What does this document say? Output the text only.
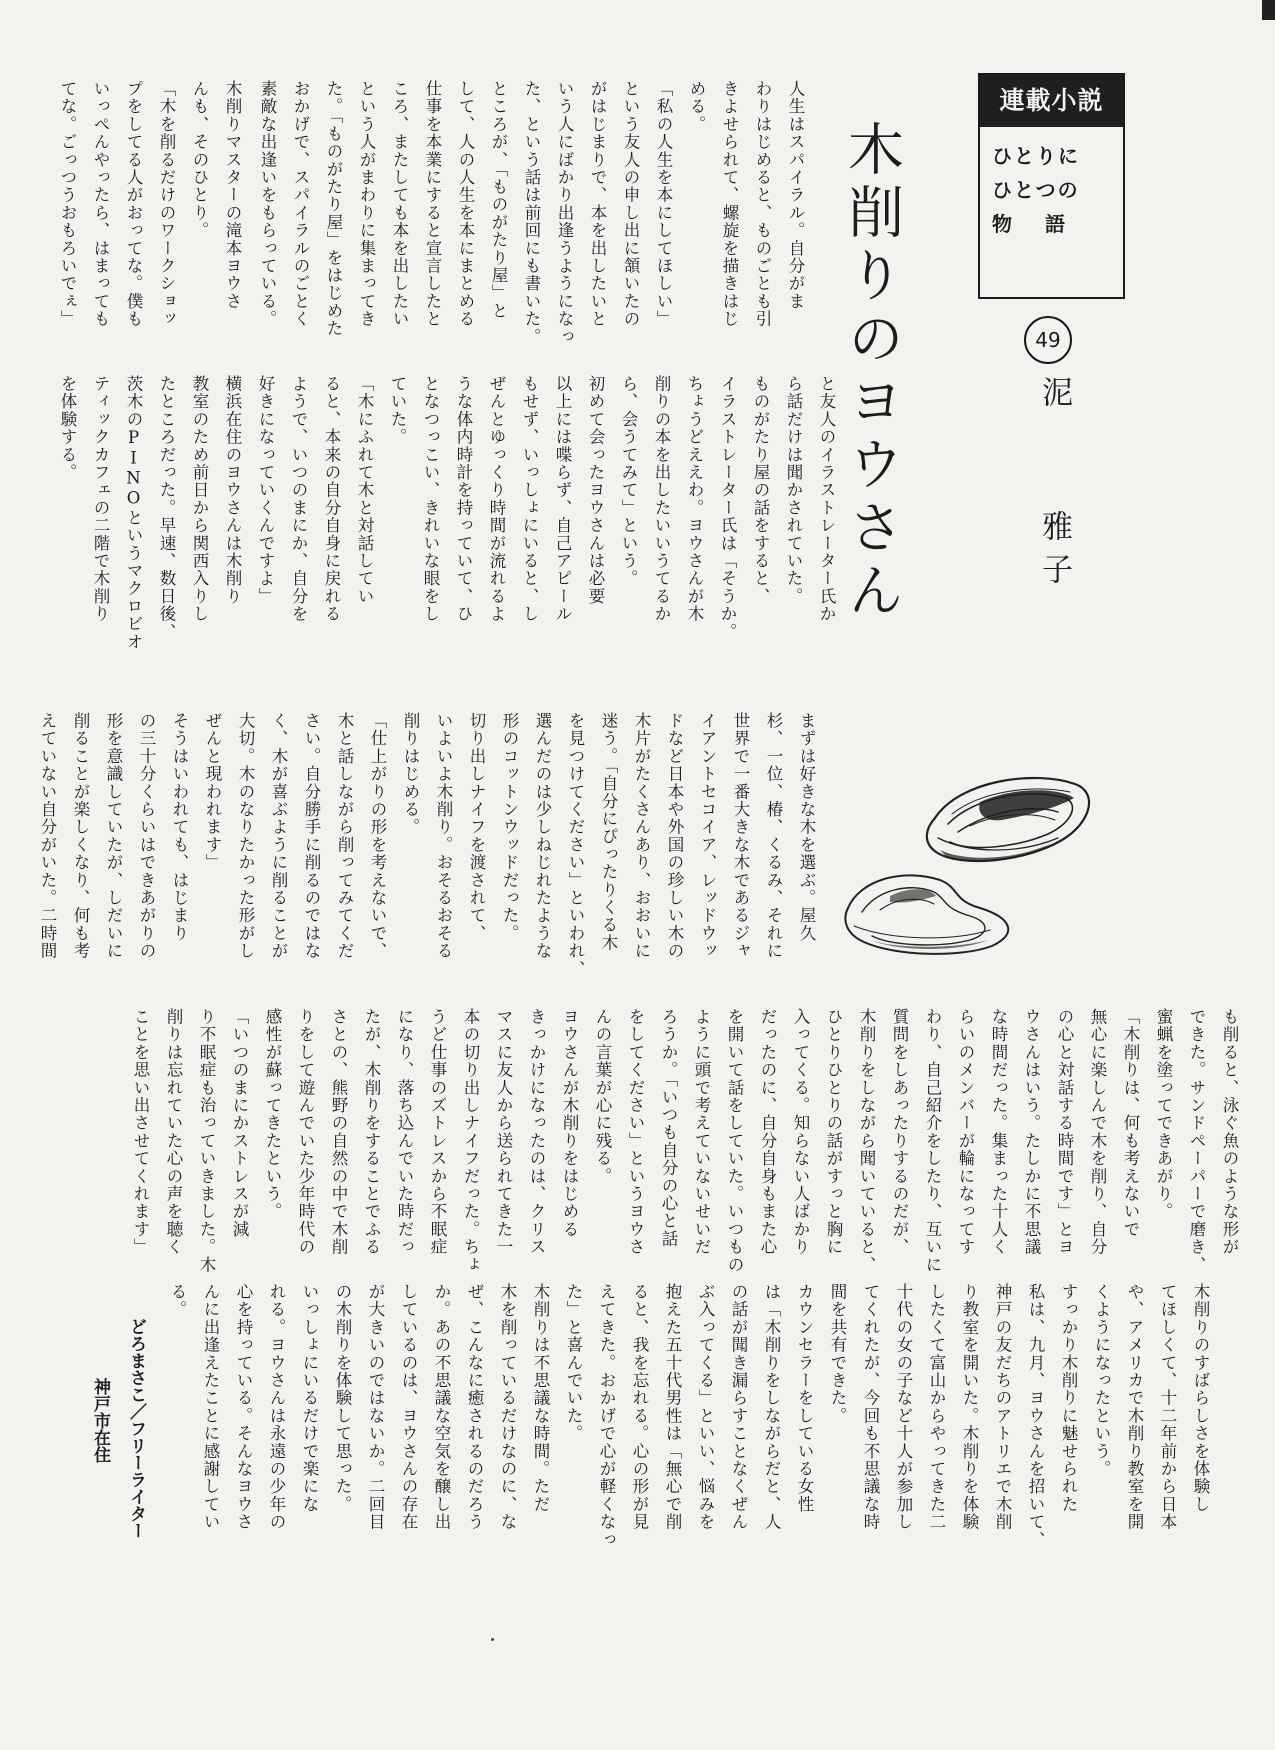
連載小説
ひとりに
ひとつの
物　 語
木削りのヨウさん	49
泥　 雅子
人生はスパイラル。自分がま
わりはじめると、ものごとも引
きよせられて、螺旋を描きはじ
める。
「私の人生を本にしてほしい」
という友人の申し出に頷いたの
がはじまりで、本を出したいと
いう人にばかり出逢うようになっ
た、という話は前回にも書いた。
ところが、「ものがたり屋」と
して、人の人生を本にまとめる
仕事を本業にすると宣言したと
ころ、またしても本を出したい
という人がまわりに集まってき
た。「ものがたり屋」をはじめた
おかげで、スパイラルのごとく
素敵な出逢いをもらっている。
木削りマスターの滝本ヨウさ
んも、そのひとり。
「木を削るだけのワークショッ
プをしてる人がおってな。僕も
いっぺんやったら、はまっても
てな。ごっつうおもろいでぇ」
と友人のイラストレーター氏か
ら話だけは聞かされていた。
ものがたり屋の話をすると、
イラストレーター氏は「そうか。
ちょうどええわ。ヨウさんが木
削りの本を出したいいうてるか
ら、会うてみて」という。
初めて会ったヨウさんは必要
以上には喋らず、自己アピール
もせず、いっしょにいると、し
ぜんとゆっくり時間が流れるよ
うな体内時計を持っていて、ひ
となつっこい、きれいな眼をし
ていた。
「木にふれて木と対話してい
ると、本来の自分自身に戻れる
ようで、いつのまにか、自分を
好きになっていくんですよ」
横浜在住のヨウさんは木削り
教室のため前日から関西入りし
たところだった。早速、数日後、
茨木のPINOというマクロビオ
ティックカフェの二階で木削り
を体験する。
まずは好きな木を選ぶ。屋久
杉、一位、椿、くるみ、それに
世界で一番大きな木であるジャ
イアントセコイア、レッドウッ
ドなど日本や外国の珍しい木の
木片がたくさんあり、おおいに
迷う。「自分にぴったりくる木
を見つけてください」といわれ、
選んだのは少しねじれたような
形のコットンウッドだった。
切り出しナイフを渡されて、
いよいよ木削り。おそるおそる
削りはじめる。
「仕上がりの形を考えないで、
木と話しながら削ってみてくだ
さい。自分勝手に削るのではな
く、木が喜ぶように削ることが
大切。木のなりたかった形がし
ぜんと現われます」
そうはいわれても、はじまり
の三十分くらいはできあがりの
形を意識していたが、しだいに
削ることが楽しくなり、何も考
えていない自分がいた。二時間
も削ると、泳ぐ魚のような形が
できた。サンドペーパーで磨き、
蜜蝋を塗ってできあがり。
「木削りは、何も考えないで
無心に楽しんで木を削り、自分
の心と対話する時間です」とヨ
ウさんはいう。たしかに不思議
な時間だった。集まった十人く
らいのメンバーが輪になってす
わり、自己紹介をしたり、互いに
質問をしあったりするのだが、
木削りをしながら聞いていると、
ひとりひとりの話がすっと胸に
入ってくる。知らない人ばかり
だったのに、自分自身もまた心
を開いて話をしていた。いつもの
ように頭で考えていないせいだ
ろうか。「いつも自分の心と話
をしてください」というヨウさ
んの言葉が心に残る。
ヨウさんが木削りをはじめる
きっかけになったのは、クリス
マスに友人から送られてきた一
本の切り出しナイフだった。ちょ
うど仕事のズトレスから不眠症
になり、落ち込んでいた時だっ
たが、木削りをすることでふる
さとの、熊野の自然の中で木削
りをして遊んでいた少年時代の
感性が蘇ってきたという。
「いつのまにかストレスが減
り不眠症も治っていきました。木
削りは忘れていた心の声を聴く
ことを思い出させてくれます」
木削りのすばらしさを体験し
てほしくて、十二年前から日本
や、アメリカで木削り教室を開
くようになったという。
すっかり木削りに魅せられた
私は、九月、ヨウさんを招いて、
神戸の友だちのアトリエで木削
り教室を開いた。木削りを体験
したくて富山からやってきた二
十代の女の子など十人が参加し
てくれたが、今回も不思議な時
間を共有できた。
カウンセラーをしている女性
は「木削りをしながらだと、人
の話が聞き漏らすことなくぜん
ぶ入ってくる」といい、悩みを
抱えた五十代男性は「無心で削
ると、我を忘れる。心の形が見
えてきた。おかげで心が軽くなっ
た」と喜んでいた。
木削りは不思議な時間。ただ
木を削っているだけなのに、な
ぜ、こんなに癒されるのだろう
か。あの不思議な空気を醸し出
しているのは、ヨウさんの存在
が大きいのではないか。二回目
の木削りを体験して思った。
いっしょにいるだけで楽にな
れる。ヨウさんは永遠の少年の
心を持っている。そんなヨウさ
んに出逢えたことに感謝してい
る。
どろまさこ／フリーライター
神戸市在住
